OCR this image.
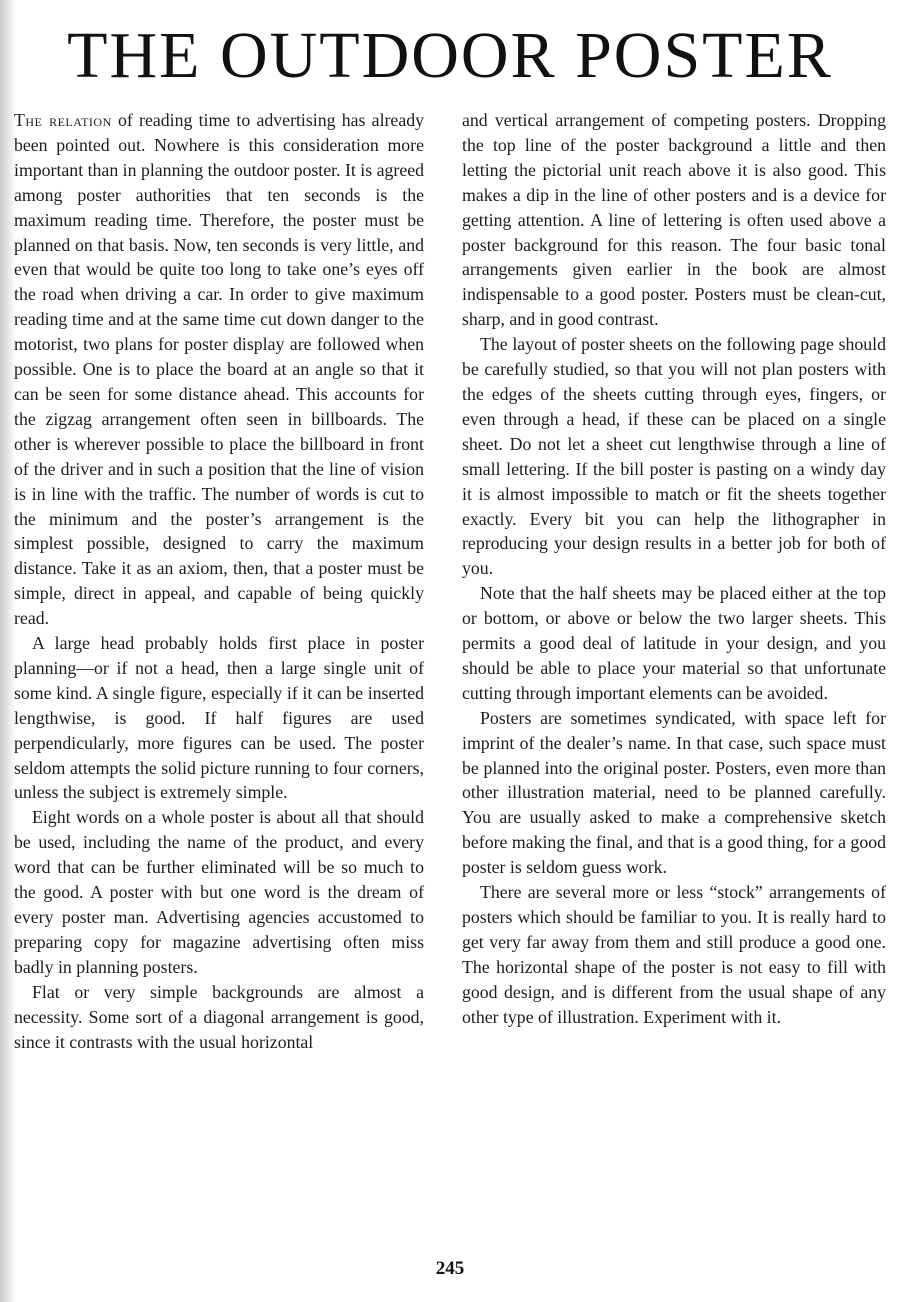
THE OUTDOOR POSTER

The relation of reading time to advertising has already been pointed out. Nowhere is this consideration more important than in planning the outdoor poster. It is agreed among poster authorities that ten seconds is the maximum reading time. Therefore, the poster must be planned on that basis. Now, ten seconds is very little, and even that would be quite too long to take one’s eyes off the road when driving a car. In order to give maximum reading time and at the same time cut down danger to the motorist, two plans for poster display are followed when possible. One is to place the board at an angle so that it can be seen for some distance ahead. This accounts for the zigzag arrangement often seen in billboards. The other is wherever possible to place the billboard in front of the driver and in such a position that the line of vision is in line with the traffic. The number of words is cut to the minimum and the poster’s arrangement is the simplest possible, designed to carry the maximum distance. Take it as an axiom, then, that a poster must be simple, direct in appeal, and capable of being quickly read.

A large head probably holds first place in poster planning—or if not a head, then a large single unit of some kind. A single figure, especially if it can be inserted lengthwise, is good. If half figures are used perpendicularly, more figures can be used. The poster seldom attempts the solid picture running to four corners, unless the subject is extremely simple.

Eight words on a whole poster is about all that should be used, including the name of the product, and every word that can be further eliminated will be so much to the good. A poster with but one word is the dream of every poster man. Advertising agencies accustomed to preparing copy for magazine advertising often miss badly in planning posters.

Flat or very simple backgrounds are almost a necessity. Some sort of a diagonal arrangement is good, since it contrasts with the usual horizontal

and vertical arrangement of competing posters. Dropping the top line of the poster background a little and then letting the pictorial unit reach above it is also good. This makes a dip in the line of other posters and is a device for getting attention. A line of lettering is often used above a poster background for this reason. The four basic tonal arrangements given earlier in the book are almost indispensable to a good poster. Posters must be clean-cut, sharp, and in good contrast.

The layout of poster sheets on the following page should be carefully studied, so that you will not plan posters with the edges of the sheets cutting through eyes, fingers, or even through a head, if these can be placed on a single sheet. Do not let a sheet cut lengthwise through a line of small lettering. If the bill poster is pasting on a windy day it is almost impossible to match or fit the sheets together exactly. Every bit you can help the lithographer in reproducing your design results in a better job for both of you.

Note that the half sheets may be placed either at the top or bottom, or above or below the two larger sheets. This permits a good deal of latitude in your design, and you should be able to place your material so that unfortunate cutting through important elements can be avoided.

Posters are sometimes syndicated, with space left for imprint of the dealer’s name. In that case, such space must be planned into the original poster. Posters, even more than other illustration material, need to be planned carefully. You are usually asked to make a comprehensive sketch before making the final, and that is a good thing, for a good poster is seldom guess work.

There are several more or less “stock” arrangements of posters which should be familiar to you. It is really hard to get very far away from them and still produce a good one. The horizontal shape of the poster is not easy to fill with good design, and is different from the usual shape of any other type of illustration. Experiment with it.

245
